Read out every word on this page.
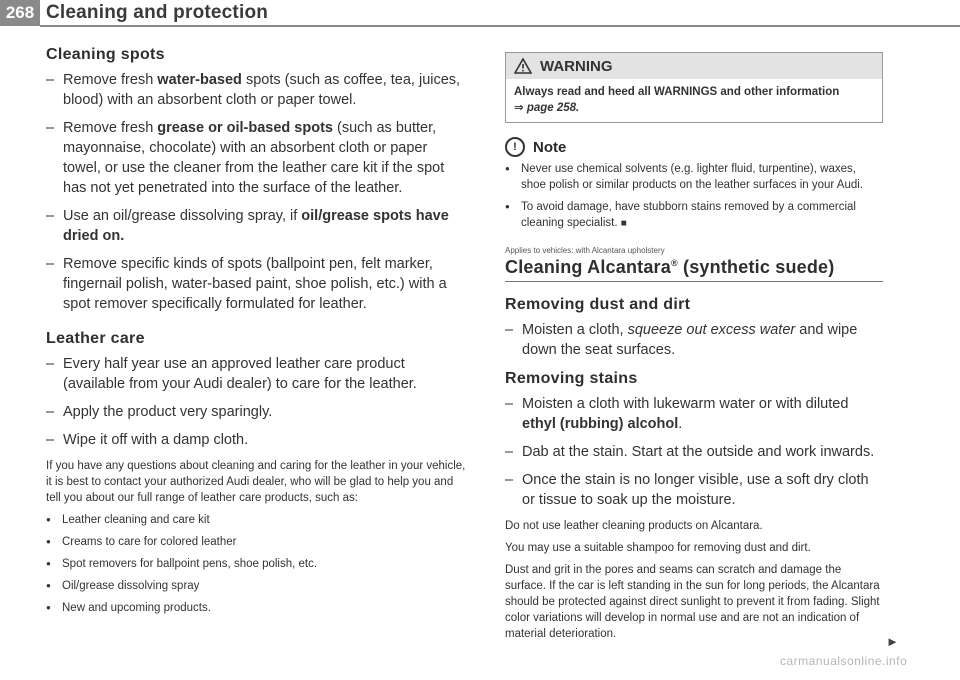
268 Cleaning and protection
Cleaning spots
– Remove fresh water-based spots (such as coffee, tea, juices, blood) with an absorbent cloth or paper towel.
– Remove fresh grease or oil-based spots (such as butter, mayonnaise, chocolate) with an absorbent cloth or paper towel, or use the cleaner from the leather care kit if the spot has not yet penetrated into the surface of the leather.
– Use an oil/grease dissolving spray, if oil/grease spots have dried on.
– Remove specific kinds of spots (ballpoint pen, felt marker, fingernail polish, water-based paint, shoe polish, etc.) with a spot remover specifically formulated for leather.
Leather care
– Every half year use an approved leather care product (available from your Audi dealer) to care for the leather.
– Apply the product very sparingly.
– Wipe it off with a damp cloth.

If you have any questions about cleaning and caring for the leather in your vehicle, it is best to contact your authorized Audi dealer, who will be glad to help you and tell you about our full range of leather care products, such as:

● Leather cleaning and care kit
● Creams to care for colored leather
● Spot removers for ballpoint pens, shoe polish, etc.
● Oil/grease dissolving spray
● New and upcoming products.
WARNING
Always read and heed all WARNINGS and other information
⇒ page 258.
!	Note
● Never use chemical solvents (e.g. lighter fluid, turpentine), waxes, shoe polish or similar products on the leather surfaces in your Audi.
● To avoid damage, have stubborn stains removed by a commercial cleaning specialist. ■
Applies to vehicles: with Alcantara upholstery
Cleaning Alcantara® (synthetic suede)
Removing dust and dirt
– Moisten a cloth, squeeze out excess water and wipe down the seat surfaces.
Removing stains
– Moisten a cloth with lukewarm water or with diluted ethyl (rubbing) alcohol.
– Dab at the stain. Start at the outside and work inwards.
– Once the stain is no longer visible, use a soft dry cloth or tissue to soak up the moisture.

Do not use leather cleaning products on Alcantara.

You may use a suitable shampoo for removing dust and dirt.

Dust and grit in the pores and seams can scratch and damage the surface. If the car is left standing in the sun for long periods, the Alcantara should be protected against direct sunlight to prevent it from fading. Slight color variations will develop in normal use and are not an indication of material deterioration.	►
carmanualsonline.info
